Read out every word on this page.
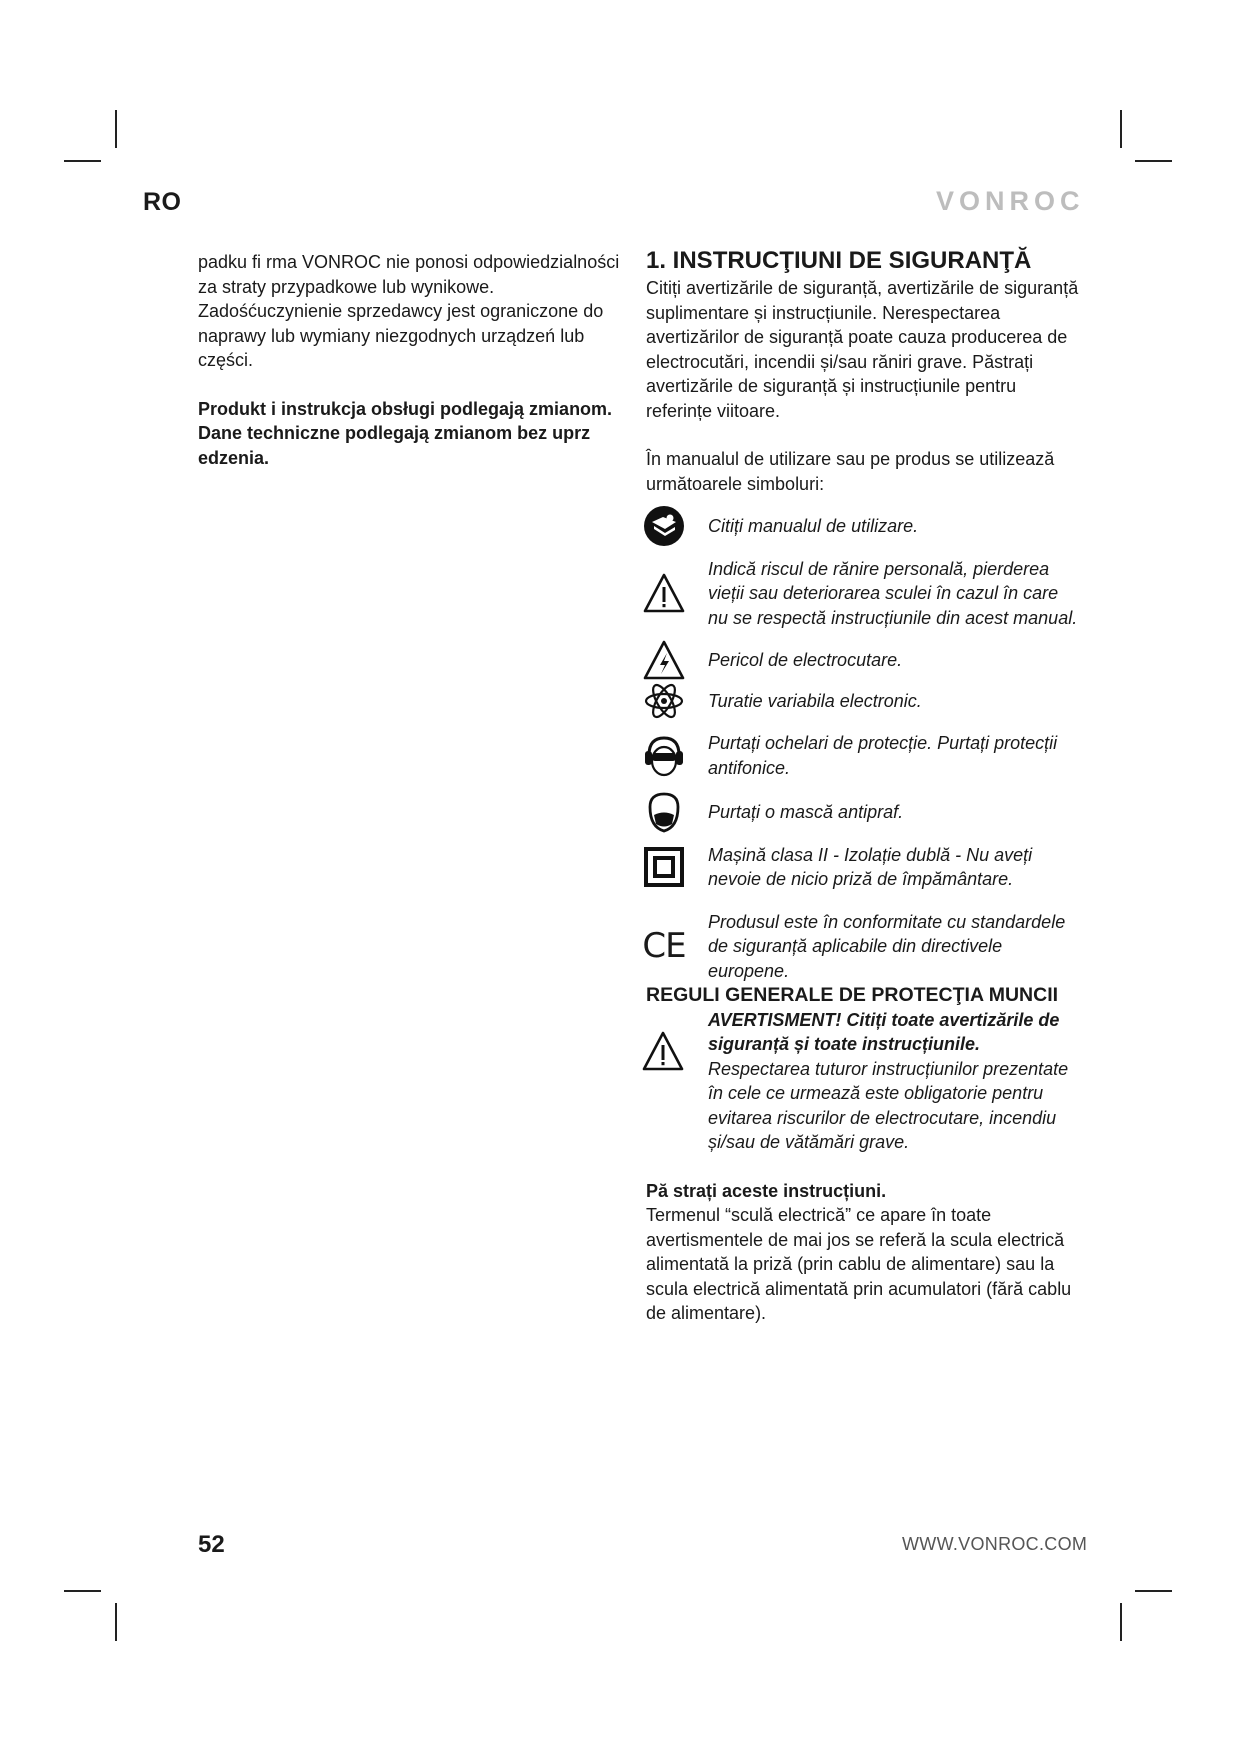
RO	VONROC

padku fi rma VONROC nie ponosi odpowiedzialności za straty przypadkowe lub wynikowe. Zadośćuczynienie sprzedawcy jest ograniczone do naprawy lub wymiany niezgodnych urządzeń lub części.

Produkt i instrukcja obsługi podlegają zmianom. Dane techniczne podlegają zmianom bez uprz edzenia.

1. INSTRUCŢIUNI DE SIGURANŢĂ

Citiți avertizările de siguranță, avertizările de siguranță suplimentare și instrucțiunile. Nerespectarea avertizărilor de siguranță poate cauza producerea de electrocutări, incendii și/sau răniri grave. Păstrați avertizările de siguranță și instrucțiunile pentru referințe viitoare.

În manualul de utilizare sau pe produs se utilizează următoarele simboluri:

Citiți manualul de utilizare.
Indică riscul de rănire personală, pierderea vieții sau deteriorarea sculei în cazul în care nu se respectă instrucțiunile din acest manual.
Pericol de electrocutare.
Turatie variabila electronic.
Purtați ochelari de protecție. Purtați protecții antifonice.
Purtați o mască antipraf.
Mașină clasa II - Izolație dublă - Nu aveți nevoie de nicio priză de împământare.
CE
Produsul este în conformitate cu standardele de siguranță aplicabile din directivele europene.

REGULI GENERALE DE PROTECŢIA MUNCII

AVERTISMENT! Citiți toate avertizările de siguranță și toate instrucțiunile. Respectarea tuturor instrucțiunilor prezentate în cele ce urmează este obligatorie pentru evitarea riscurilor de electrocutare, incendiu și/sau de vătămări grave.

Pă strați aceste instrucțiuni.

Termenul “sculă electrică” ce apare în toate avertismentele de mai jos se referă la scula electrică alimentată la priză (prin cablu de alimentare) sau la scula electrică alimentată prin acumulatori (fără cablu de alimentare).

52	WWW.VONROC.COM
